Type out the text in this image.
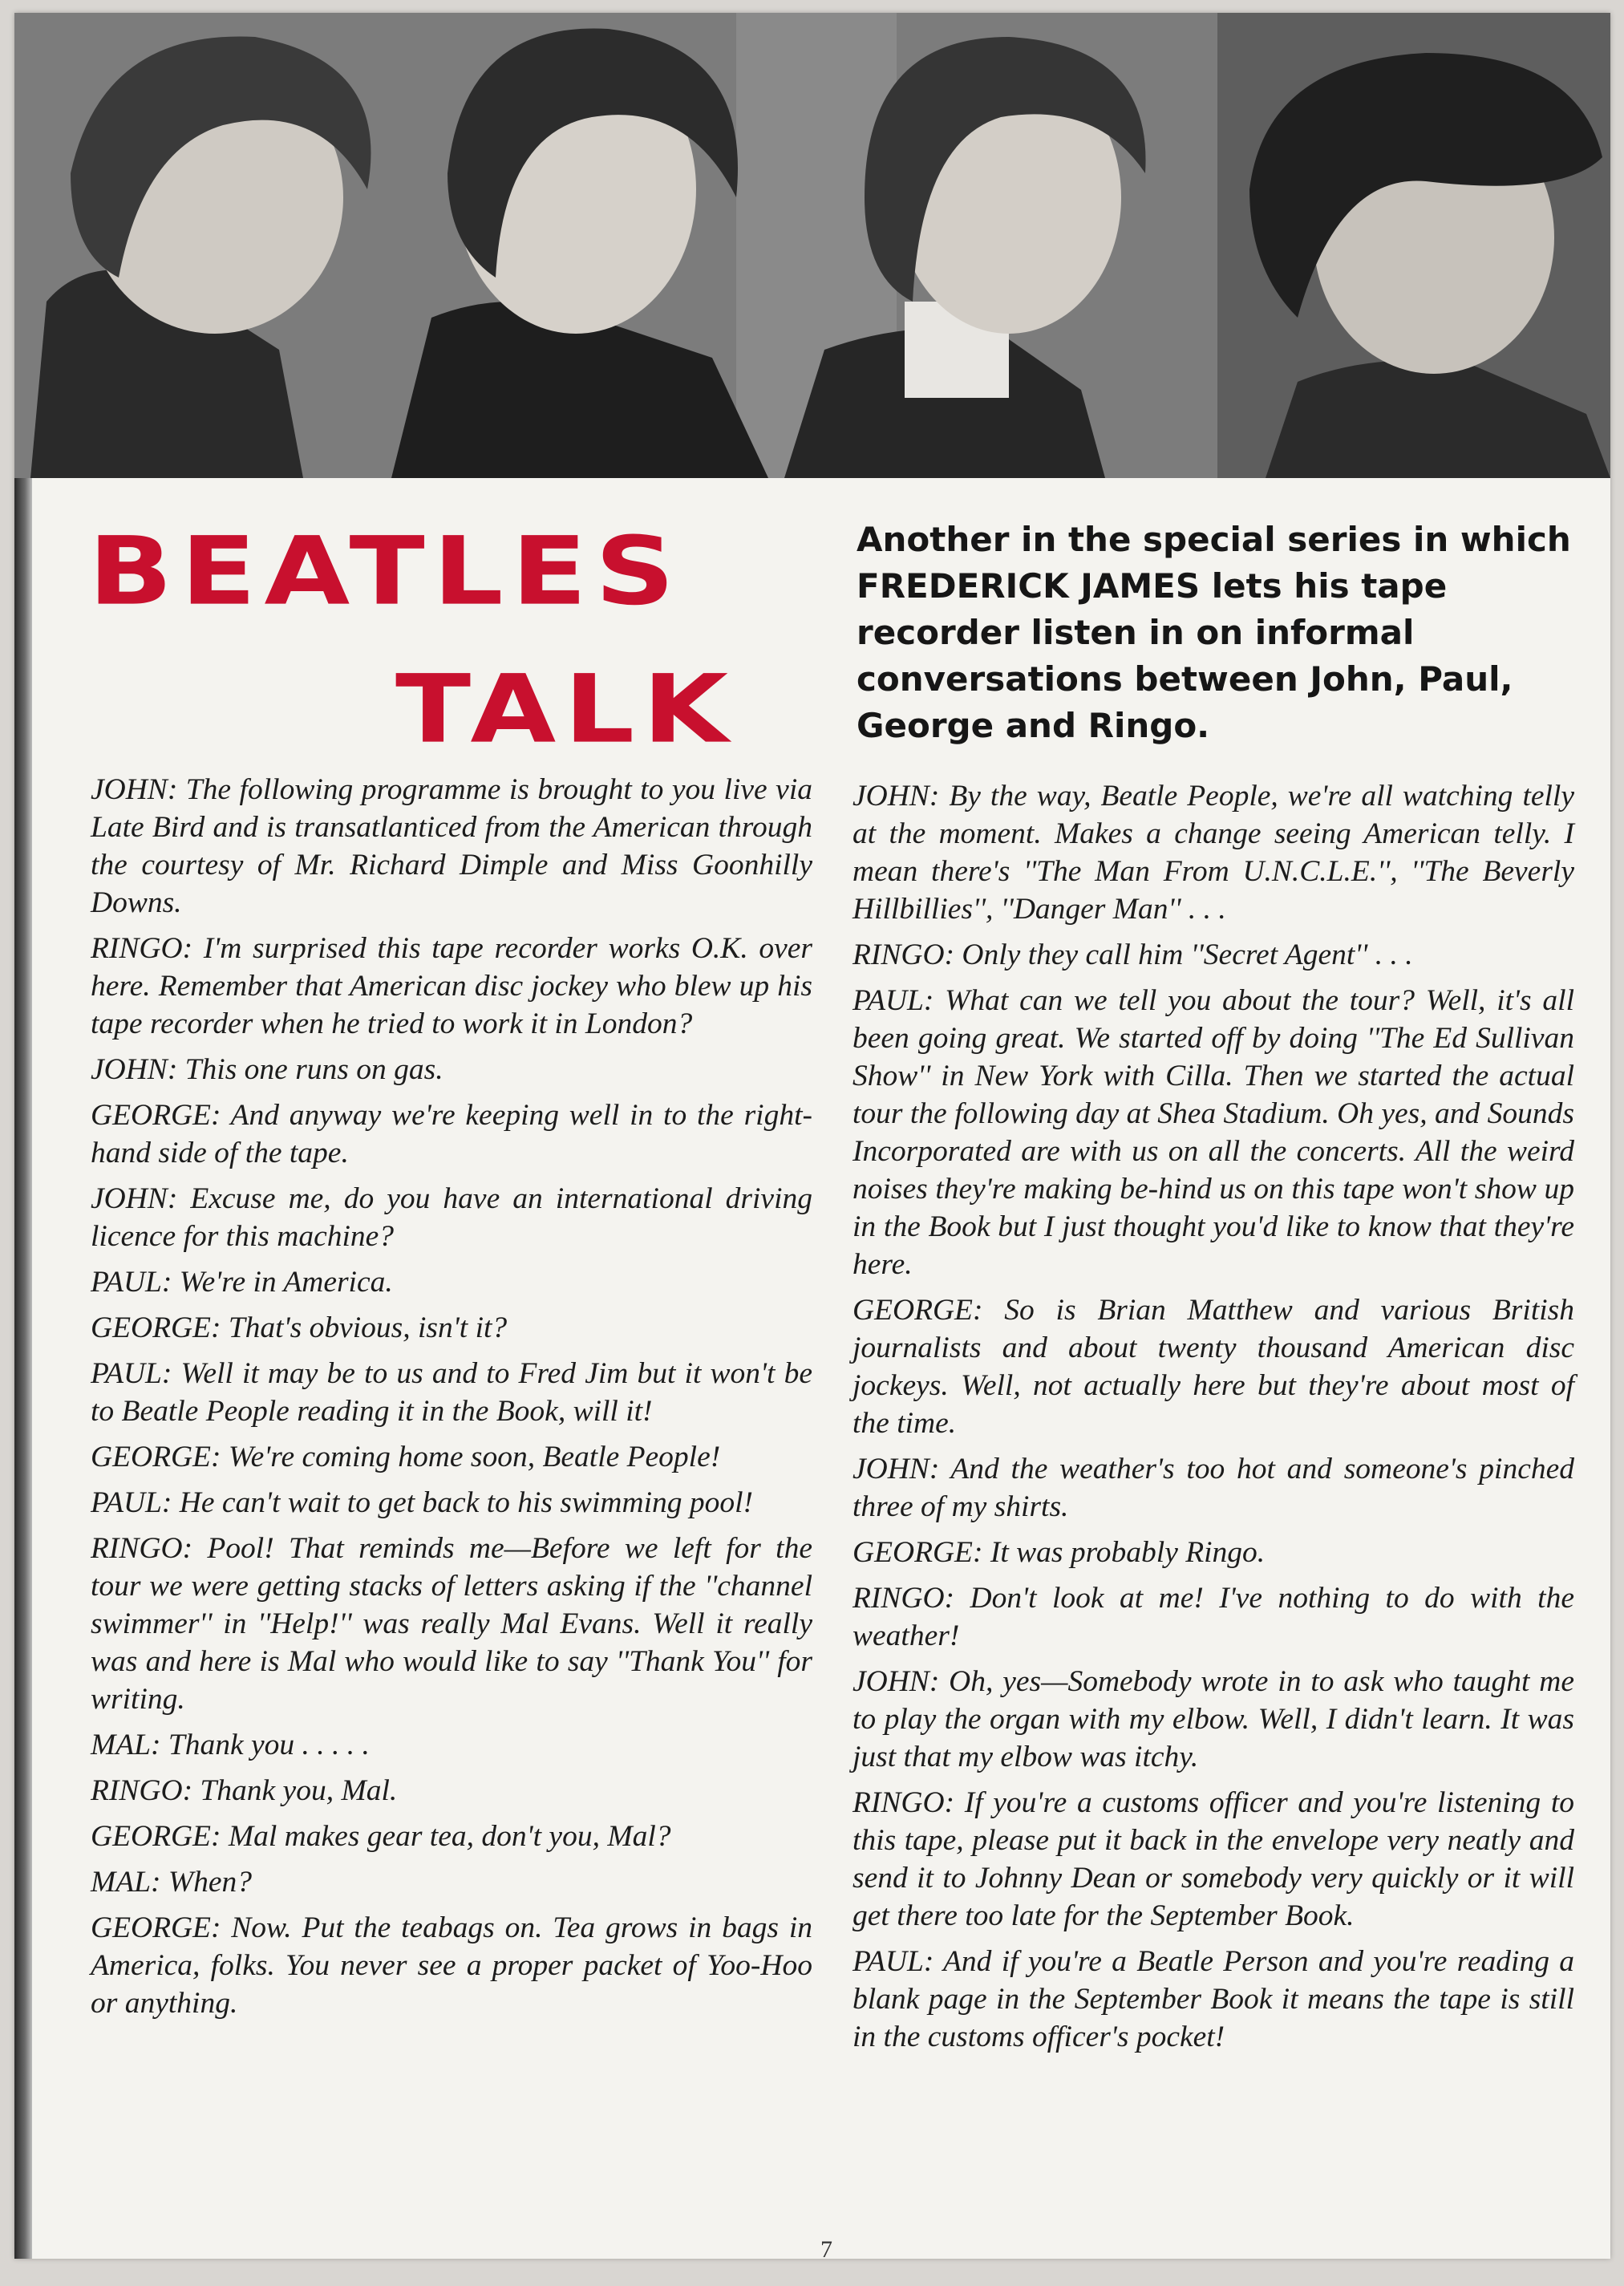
BEATLES
TALK

Another in the special series in which FREDERICK JAMES lets his tape recorder listen in on informal conversations between John, Paul, George and Ringo.

JOHN: The following programme is brought to you live via Late Bird and is transatlanticed from the American through the courtesy of Mr. Richard Dimple and Miss Goonhilly Downs.

RINGO: I'm surprised this tape recorder works O.K. over here. Remember that American disc jockey who blew up his tape recorder when he tried to work it in London?

JOHN: This one runs on gas.

GEORGE: And anyway we're keeping well in to the right-hand side of the tape.

JOHN: Excuse me, do you have an international driving licence for this machine?

PAUL: We're in America.

GEORGE: That's obvious, isn't it?

PAUL: Well it may be to us and to Fred Jim but it won't be to Beatle People reading it in the Book, will it!

GEORGE: We're coming home soon, Beatle People!

PAUL: He can't wait to get back to his swimming pool!

RINGO: Pool! That reminds me—Before we left for the tour we were getting stacks of letters asking if the ''channel swimmer'' in ''Help!'' was really Mal Evans. Well it really was and here is Mal who would like to say ''Thank You'' for writing.

MAL: Thank you . . . . .

RINGO: Thank you, Mal.

GEORGE: Mal makes gear tea, don't you, Mal?

MAL: When?

GEORGE: Now. Put the teabags on. Tea grows in bags in America, folks. You never see a proper packet of Yoo-Hoo or anything.

JOHN: By the way, Beatle People, we're all watching telly at the moment. Makes a change seeing American telly. I mean there's ''The Man From U.N.C.L.E.'', ''The Beverly Hillbillies'', ''Danger Man'' . . .

RINGO: Only they call him ''Secret Agent'' . . .

PAUL: What can we tell you about the tour? Well, it's all been going great. We started off by doing ''The Ed Sullivan Show'' in New York with Cilla. Then we started the actual tour the following day at Shea Stadium. Oh yes, and Sounds Incorporated are with us on all the concerts. All the weird noises they're making be-hind us on this tape won't show up in the Book but I just thought you'd like to know that they're here.

GEORGE: So is Brian Matthew and various British journalists and about twenty thousand American disc jockeys. Well, not actually here but they're about most of the time.

JOHN: And the weather's too hot and someone's pinched three of my shirts.

GEORGE: It was probably Ringo.

RINGO: Don't look at me! I've nothing to do with the weather!

JOHN: Oh, yes—Somebody wrote in to ask who taught me to play the organ with my elbow. Well, I didn't learn. It was just that my elbow was itchy.

RINGO: If you're a customs officer and you're listening to this tape, please put it back in the envelope very neatly and send it to Johnny Dean or somebody very quickly or it will get there too late for the September Book.

PAUL: And if you're a Beatle Person and you're reading a blank page in the September Book it means the tape is still in the customs officer's pocket!

7
